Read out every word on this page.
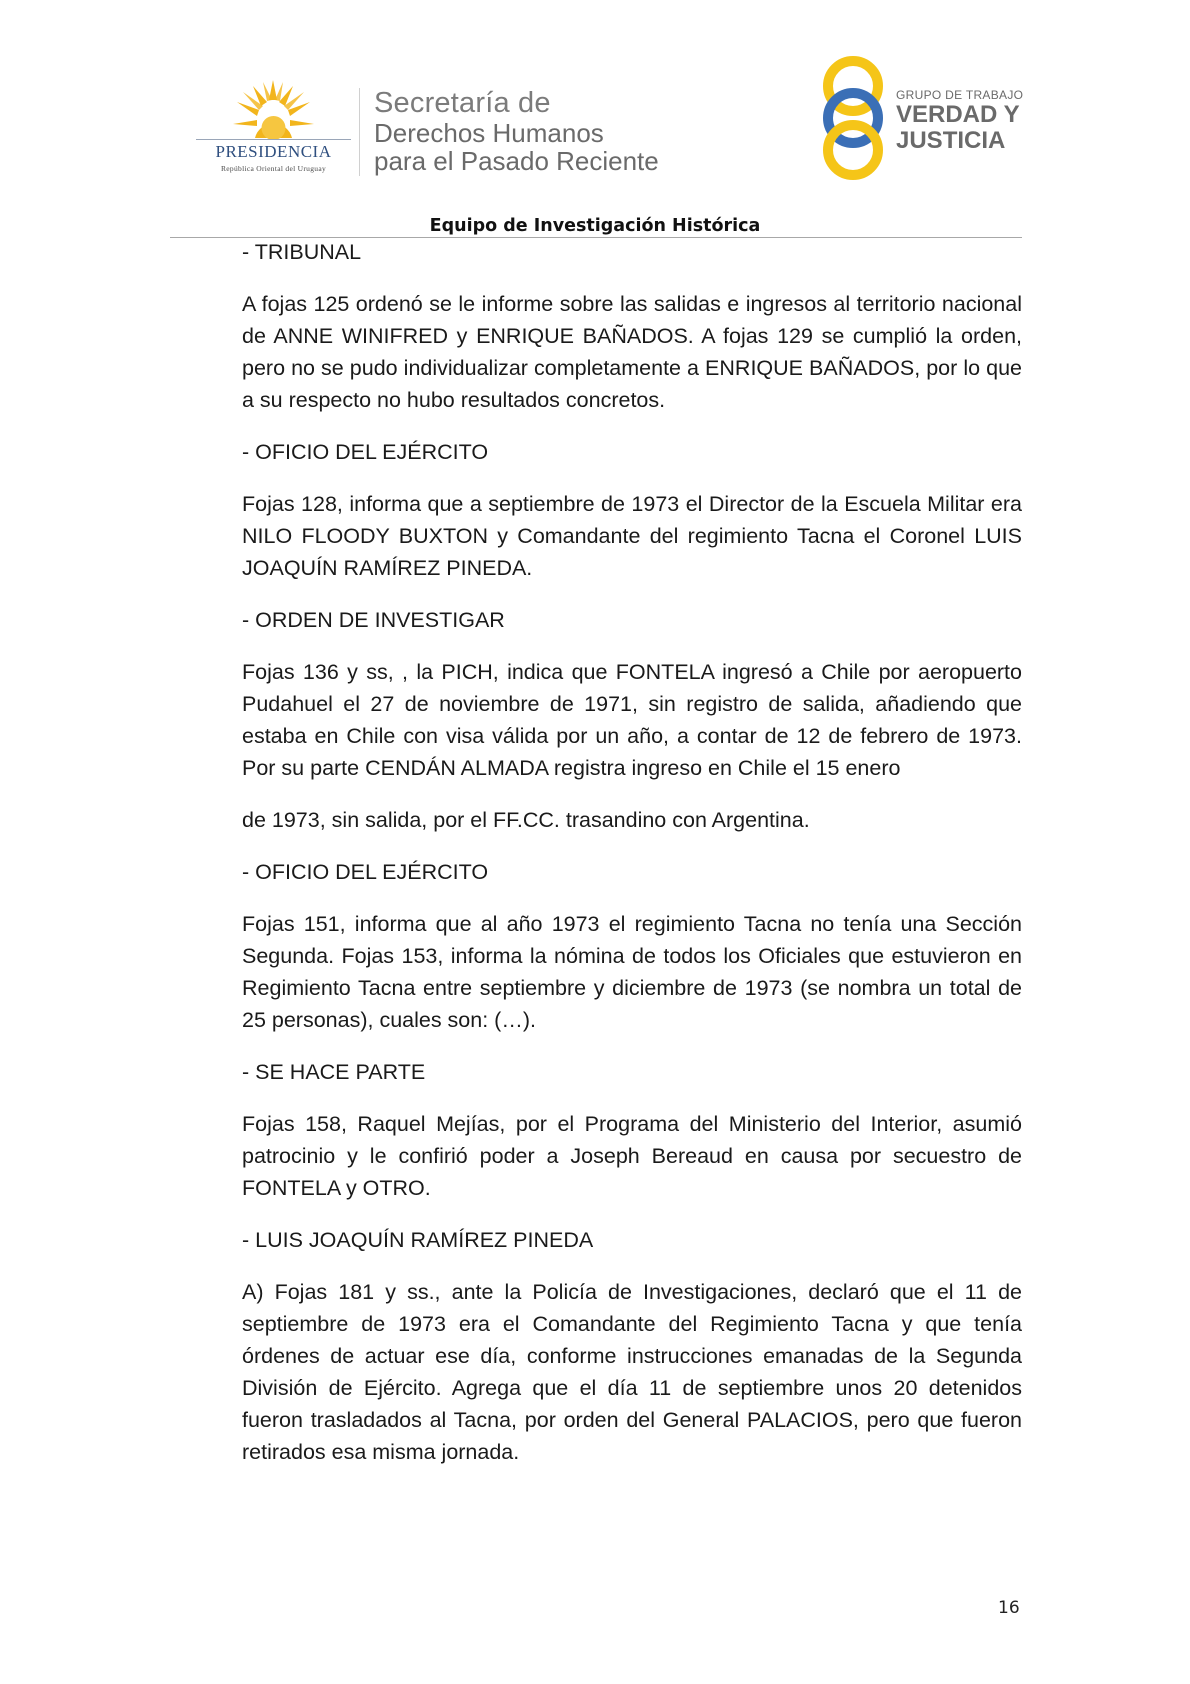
PRESIDENCIA
República Oriental del Uruguay
Secretaría de
Derechos Humanos
para el Pasado Reciente
GRUPO DE TRABAJO
VERDAD Y
JUSTICIA
Equipo de Investigación Histórica

- TRIBUNAL

A fojas 125 ordenó se le informe sobre las salidas e ingresos al territorio nacional de ANNE WINIFRED y ENRIQUE BAÑADOS. A fojas 129 se cumplió la orden, pero no se pudo individualizar completamente a ENRIQUE BAÑADOS, por lo que a su respecto no hubo resultados concretos.

- OFICIO DEL EJÉRCITO

Fojas 128, informa que a septiembre de 1973 el Director de la Escuela Militar era NILO FLOODY BUXTON y Comandante del regimiento Tacna el Coronel LUIS JOAQUÍN RAMÍREZ PINEDA.

- ORDEN DE INVESTIGAR

Fojas 136 y ss, , la PICH, indica que FONTELA ingresó a Chile por aeropuerto Pudahuel el 27 de noviembre de 1971, sin registro de salida, añadiendo que estaba en Chile con visa válida por un año, a contar de 12 de febrero de 1973. Por su parte CENDÁN ALMADA registra ingreso en Chile el 15 enero

de 1973, sin salida, por el FF.CC. trasandino con Argentina.

- OFICIO DEL EJÉRCITO

Fojas 151, informa que al año 1973 el regimiento Tacna no tenía una Sección Segunda. Fojas 153, informa la nómina de todos los Oficiales que estuvieron en Regimiento Tacna entre septiembre y diciembre de 1973 (se nombra un total de 25 personas), cuales son: (…).

- SE HACE PARTE

Fojas 158, Raquel Mejías, por el Programa del Ministerio del Interior, asumió patrocinio y le confirió poder a Joseph Bereaud en causa por secuestro de FONTELA y OTRO.

- LUIS JOAQUÍN RAMÍREZ PINEDA

A) Fojas 181 y ss., ante la Policía de Investigaciones, declaró que el 11 de septiembre de 1973 era el Comandante del Regimiento Tacna y que tenía órdenes de actuar ese día, conforme instrucciones emanadas de la Segunda División de Ejército. Agrega que el día 11 de septiembre unos 20 detenidos fueron trasladados al Tacna, por orden del General PALACIOS, pero que fueron retirados esa misma jornada.

16
